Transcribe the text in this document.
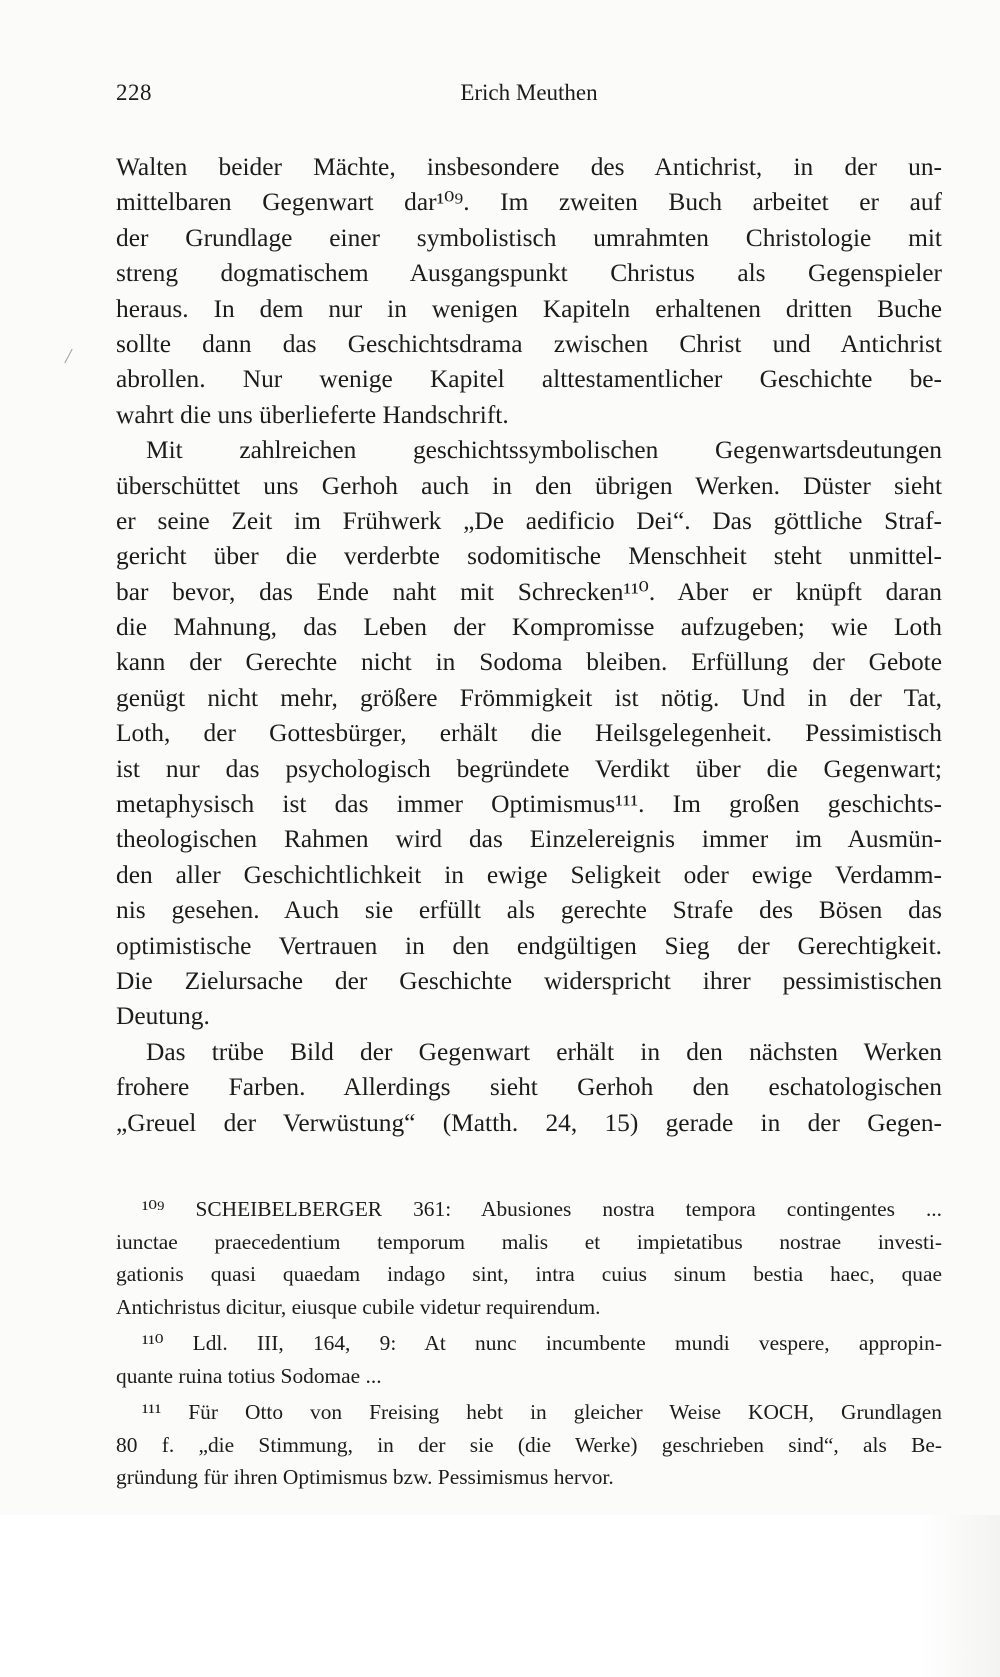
228	Erich Meuthen
Walten beider Mächte, insbesondere des Antichrist, in der un-
mittelbaren Gegenwart dar¹⁰⁹. Im zweiten Buch arbeitet er auf
der Grundlage einer symbolistisch umrahmten Christologie mit
streng dogmatischem Ausgangspunkt Christus als Gegenspieler
heraus. In dem nur in wenigen Kapiteln erhaltenen dritten Buche
sollte dann das Geschichtsdrama zwischen Christ und Antichrist
abrollen. Nur wenige Kapitel alttestamentlicher Geschichte be-
wahrt die uns überlieferte Handschrift.
Mit zahlreichen geschichtssymbolischen Gegenwartsdeutungen
überschüttet uns Gerhoh auch in den übrigen Werken. Düster sieht
er seine Zeit im Frühwerk „De aedificio Dei“. Das göttliche Straf-
gericht über die verderbte sodomitische Menschheit steht unmittel-
bar bevor, das Ende naht mit Schrecken¹¹⁰. Aber er knüpft daran
die Mahnung, das Leben der Kompromisse aufzugeben; wie Loth
kann der Gerechte nicht in Sodoma bleiben. Erfüllung der Gebote
genügt nicht mehr, größere Frömmigkeit ist nötig. Und in der Tat,
Loth, der Gottesbürger, erhält die Heilsgelegenheit. Pessimistisch
ist nur das psychologisch begründete Verdikt über die Gegenwart;
metaphysisch ist das immer Optimismus¹¹¹. Im großen geschichts-
theologischen Rahmen wird das Einzelereignis immer im Ausmün-
den aller Geschichtlichkeit in ewige Seligkeit oder ewige Verdamm-
nis gesehen. Auch sie erfüllt als gerechte Strafe des Bösen das
optimistische Vertrauen in den endgültigen Sieg der Gerechtigkeit.
Die Zielursache der Geschichte widerspricht ihrer pessimistischen
Deutung.
Das trübe Bild der Gegenwart erhält in den nächsten Werken
frohere Farben. Allerdings sieht Gerhoh den eschatologischen
„Greuel der Verwüstung“ (Matth. 24, 15) gerade in der Gegen-
¹⁰⁹ SCHEIBELBERGER 361: Abusiones nostra tempora contingentes ...
iunctae praecedentium temporum malis et impietatibus nostrae investi-
gationis quasi quaedam indago sint, intra cuius sinum bestia haec, quae
Antichristus dicitur, eiusque cubile videtur requirendum.
¹¹⁰ Ldl. III, 164, 9: At nunc incumbente mundi vespere, appropin-
quante ruina totius Sodomae ...
¹¹¹ Für Otto von Freising hebt in gleicher Weise KOCH, Grundlagen
80 f. „die Stimmung, in der sie (die Werke) geschrieben sind“, als Be-
gründung für ihren Optimismus bzw. Pessimismus hervor.
